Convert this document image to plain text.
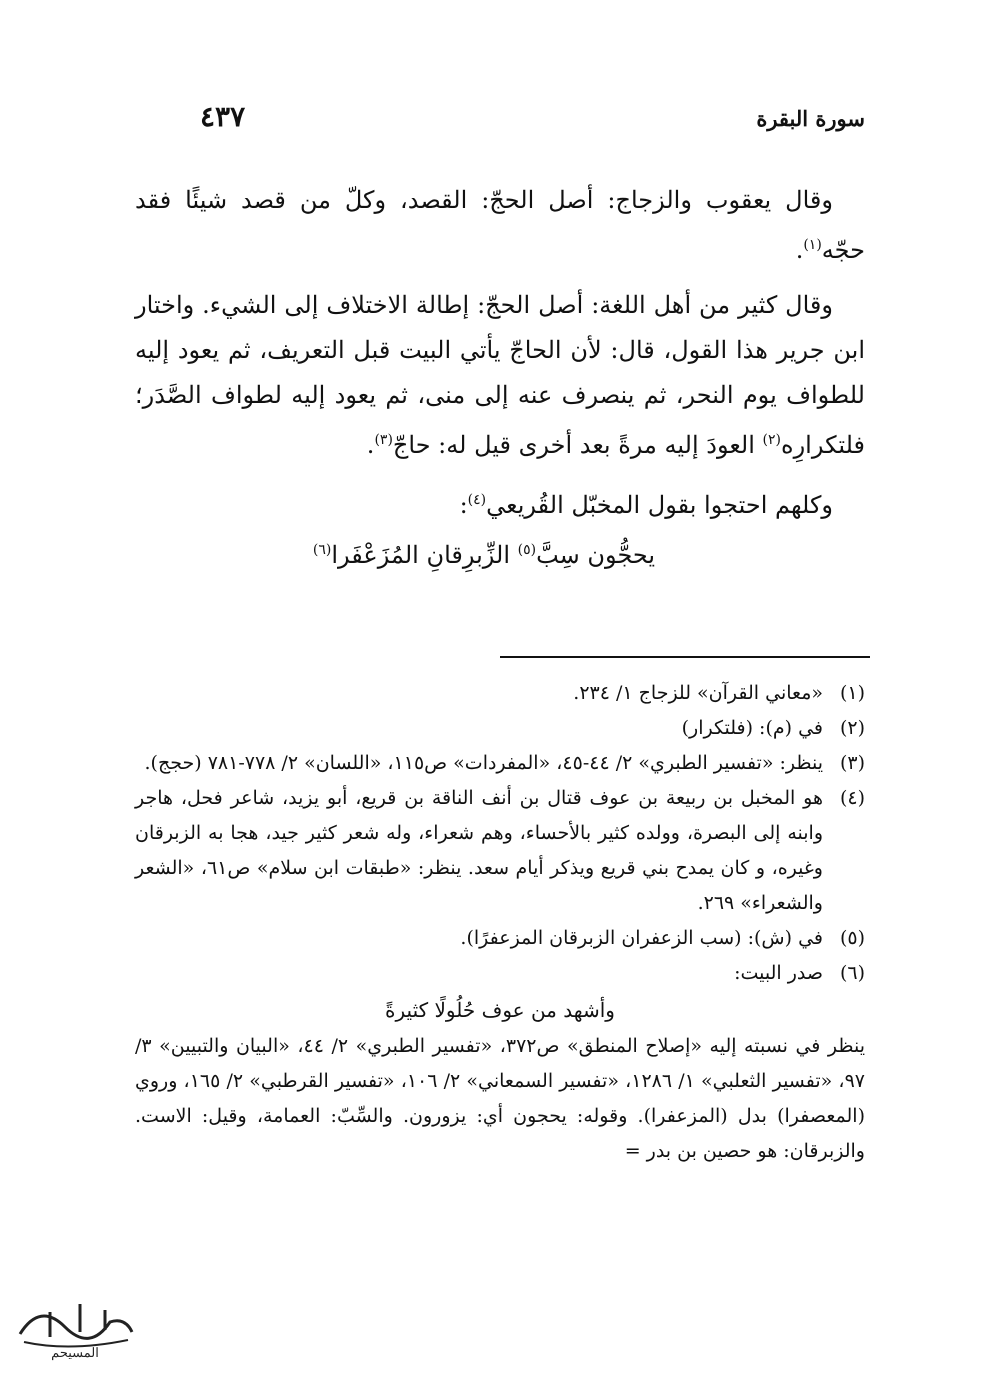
سورة البقرة
٤٣٧

وقال يعقوب والزجاج: أصل الحجّ: القصد، وكلّ من قصد شيئًا فقد حجّه$^{(١)}$.

وقال كثير من أهل اللغة: أصل الحجّ: إطالة الاختلاف إلى الشيء. واختار ابن جرير هذا القول، قال: لأن الحاجّ يأتي البيت قبل التعريف، ثم يعود إليه للطواف يوم النحر، ثم ينصرف عنه إلى منى، ثم يعود إليه لطواف الصَّدَر؛ فلتكرارِه$^{(٢)}$ العودَ إليه مرةً بعد أخرى قيل له: حاجّ$^{(٣)}$.

وكلهم احتجوا بقول المخبّل القُريعي$^{(٤)}$:

يحجُّون سِبَّ$^{(٥)}$ الزِّبرِقانِ المُزَعْفَرا$^{(٦)}$

(١)
«معاني القرآن» للزجاج ١/ ٢٣٤.
(٢)
في (م): (فلتكرار)
(٣)
ينظر: «تفسير الطبري» ٢/ ٤٤-٤٥، «المفردات» ص١١٥، «اللسان» ٢/ ٧٧٨-٧٨١ (حجج).
(٤)
هو المخبل بن ربيعة بن عوف قتال بن أنف الناقة بن قريع، أبو يزيد، شاعر فحل، هاجر وابنه إلى البصرة، وولده كثير بالأحساء، وهم شعراء، وله شعر كثير جيد، هجا به الزبرقان وغيره، و كان يمدح بني قريع ويذكر أيام سعد. ينظر: «طبقات ابن سلام» ص٦١، «الشعر والشعراء» ٢٦٩.
(٥)
في (ش): (سب الزعفران الزبرقان المزعفرًا).
(٦)
صدر البيت:
وأشهد من عوف حُلُولًا كثيرةً
ينظر في نسبته إليه «إصلاح المنطق» ص٣٧٢، «تفسير الطبري» ٢/ ٤٤، «البيان والتبيين» ٣/ ٩٧، «تفسير الثعلبي» ١/ ١٢٨٦، «تفسير السمعاني» ٢/ ١٠٦، «تفسير القرطبي» ٢/ ١٦٥، وروي (المعصفرا) بدل (المزعفرا). وقوله: يحجون أي: يزورون. والسِّبّ: العمامة، وقيل: الاست. والزبرقان: هو حصين بن بدر =
المسيحم
